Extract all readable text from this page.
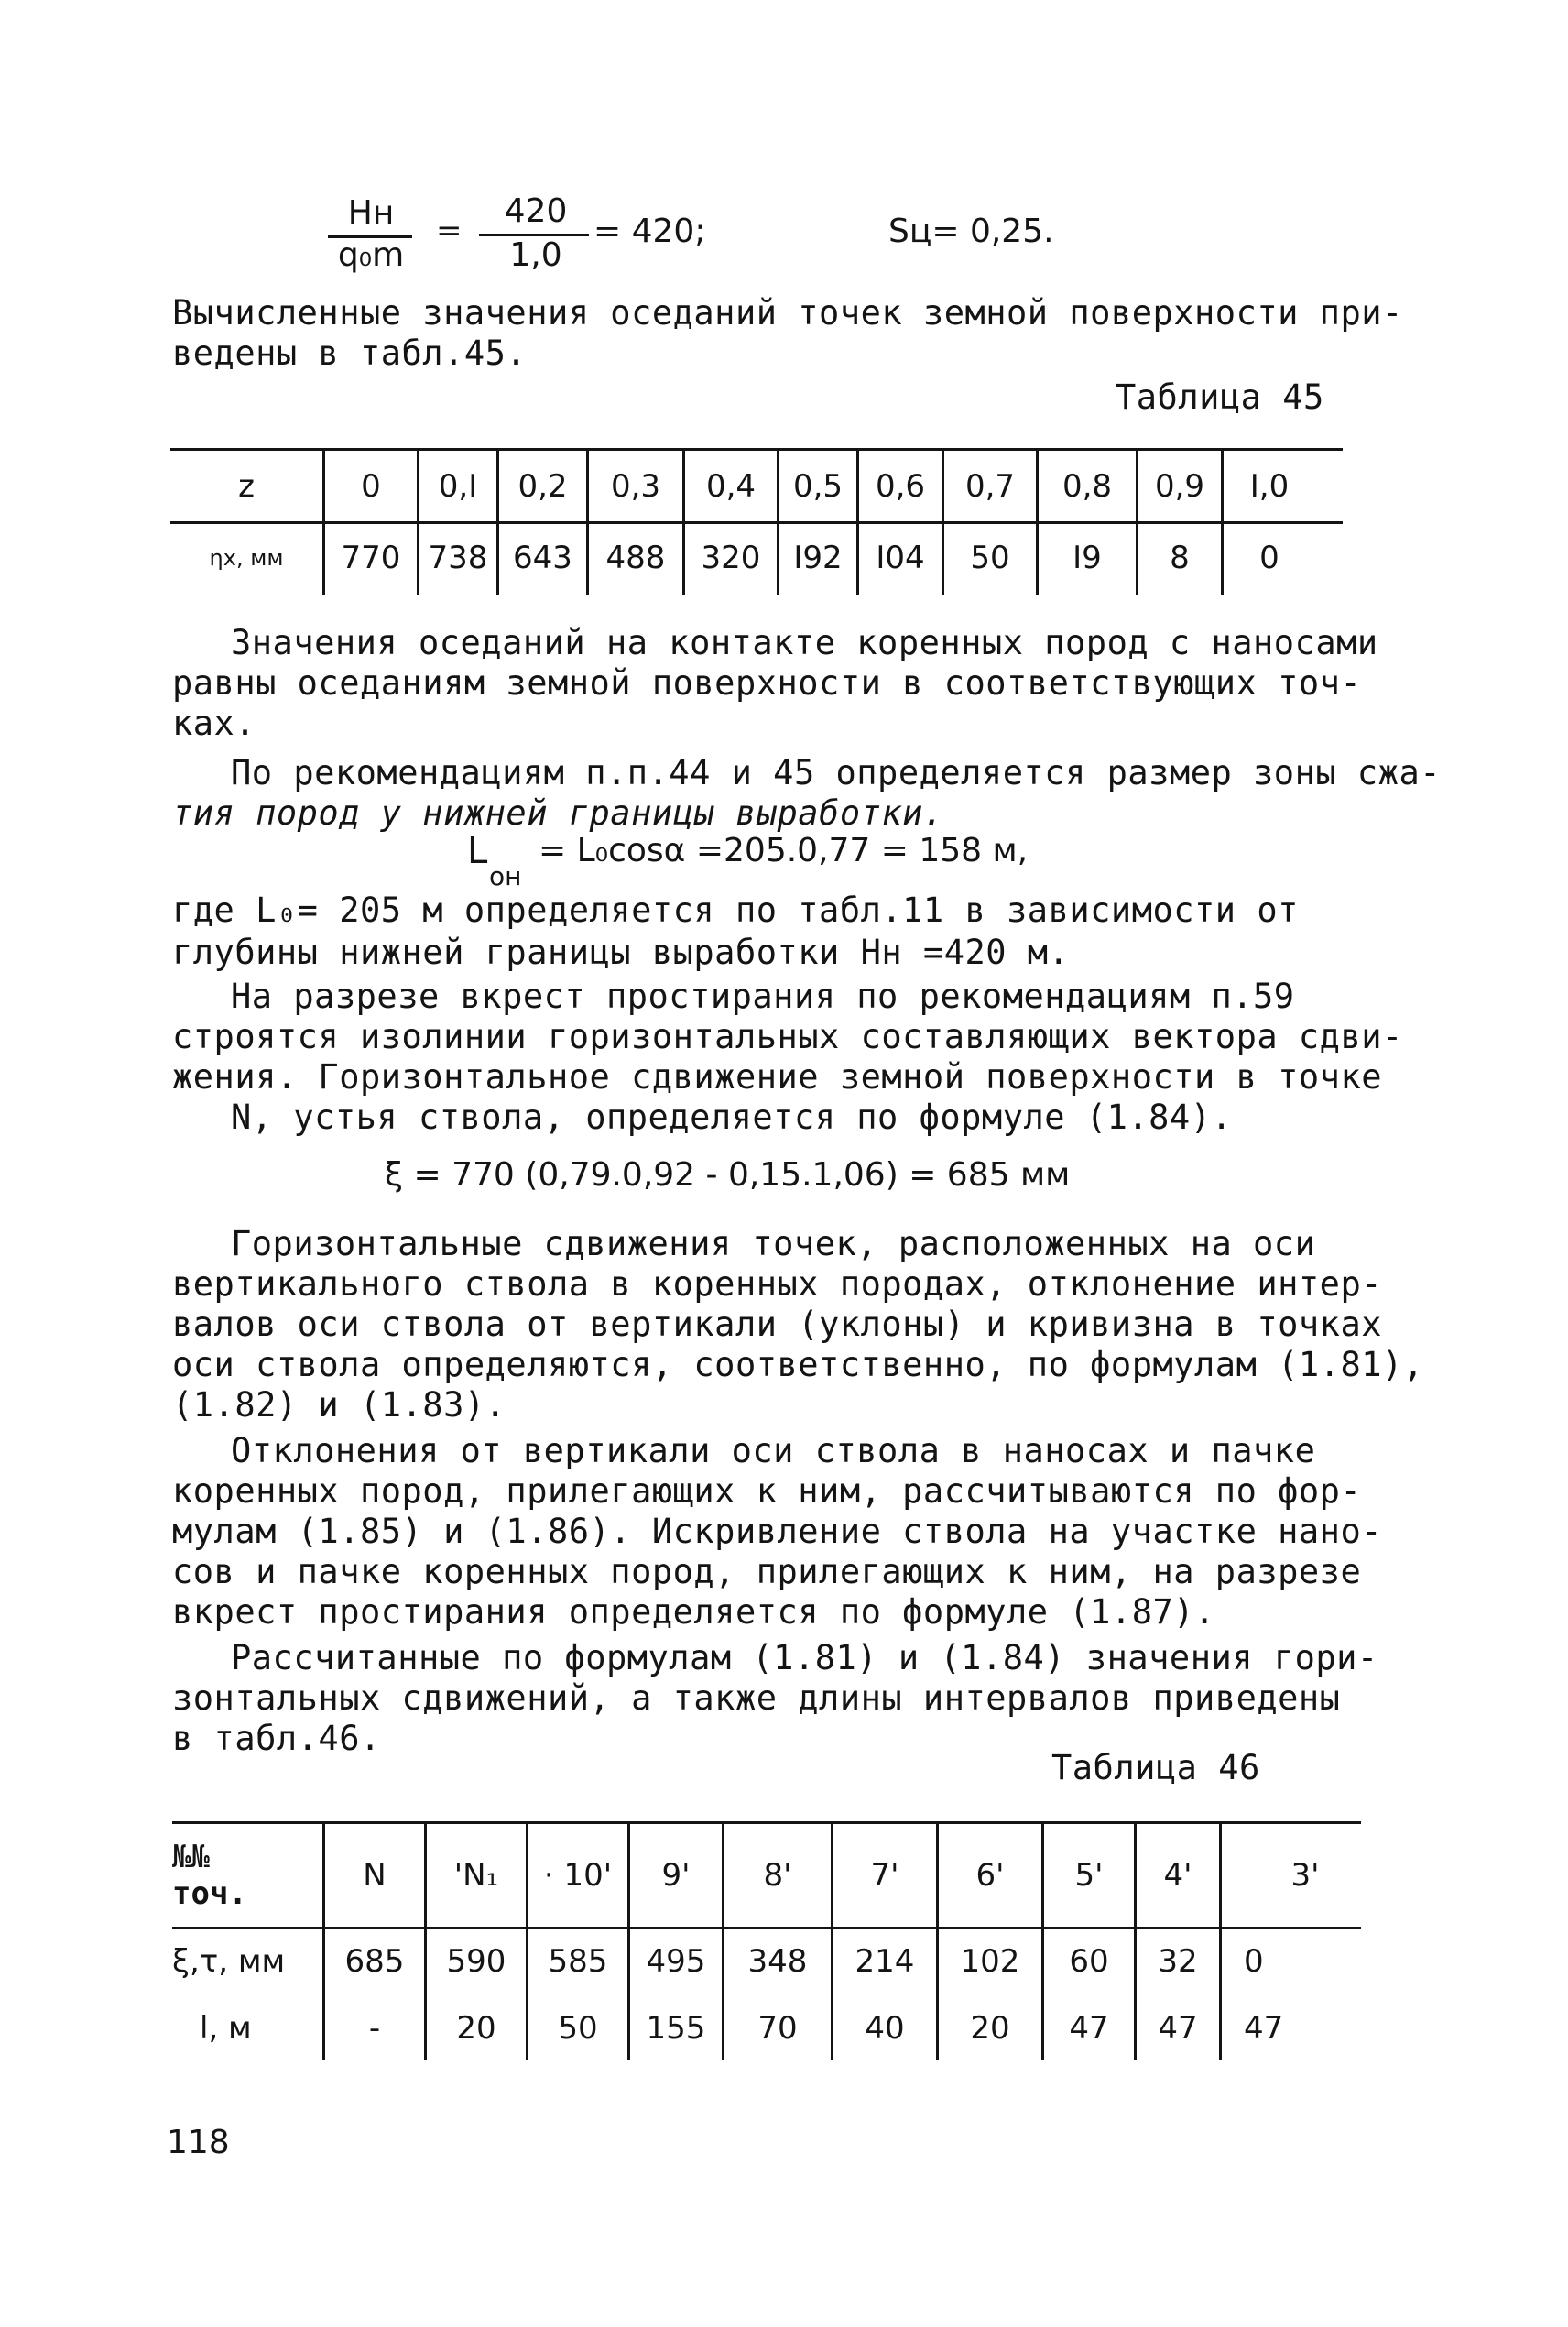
Hн
q₀m
=
420
1,0
= 420;	Sц= 0,25.
Вычисленные значения оседаний точек земной поверхности при-
ведены в табл.45.
Таблица 45
z	0	0,I	0,2	0,3	0,4	0,5	0,6	0,7	0,8	0,9	I,0
ηx, мм	770	738	643	488	320	I92	I04	50	I9	8	0
Значения оседаний на контакте коренных пород с наносами
равны оседаниям земной поверхности в соответствующих точ-
ках.
По рекомендациям п.п.44 и 45 определяется размер зоны сжа-
тия пород у нижней границы выработки.
L
он
= L₀cosα =205.0,77 = 158 м,
где L₀= 205 м определяется по табл.11 в зависимости от
глубины нижней границы выработки Hн =420 м.
На разрезе вкрест простирания по рекомендациям п.59
строятся изолинии горизонтальных составляющих вектора сдви-
жения. Горизонтальное сдвижение земной поверхности в точке
N, устья ствола, определяется по формуле (1.84).
ξ = 770 (0,79.0,92 - 0,15.1,06) = 685 мм
Горизонтальные сдвижения точек, расположенных на оси
вертикального ствола в коренных породах, отклонение интер-
валов оси ствола от вертикали (уклоны) и кривизна в точках
оси ствола определяются, соответственно, по формулам (1.81),
(1.82) и (1.83).
Отклонения от вертикали оси ствола в наносах и пачке
коренных пород, прилегающих к ним, рассчитываются по фор-
мулам (1.85) и (1.86). Искривление ствола на участке нано-
сов и пачке коренных пород, прилегающих к ним, на разрезе
вкрест простирания определяется по формуле (1.87).
Рассчитанные по формулам (1.81) и (1.84) значения гори-
зонтальных сдвижений, а также длины интервалов приведены
в табл.46.
Таблица 46
№№
точ.	N	'N₁	· 10'	9'	8'	7'	6'	5'	4'	3'
ξ,τ, мм	685	590	585	495	348	214	102	60	32	0
l, м	-	20	50	155	70	40	20	47	47	47
118
